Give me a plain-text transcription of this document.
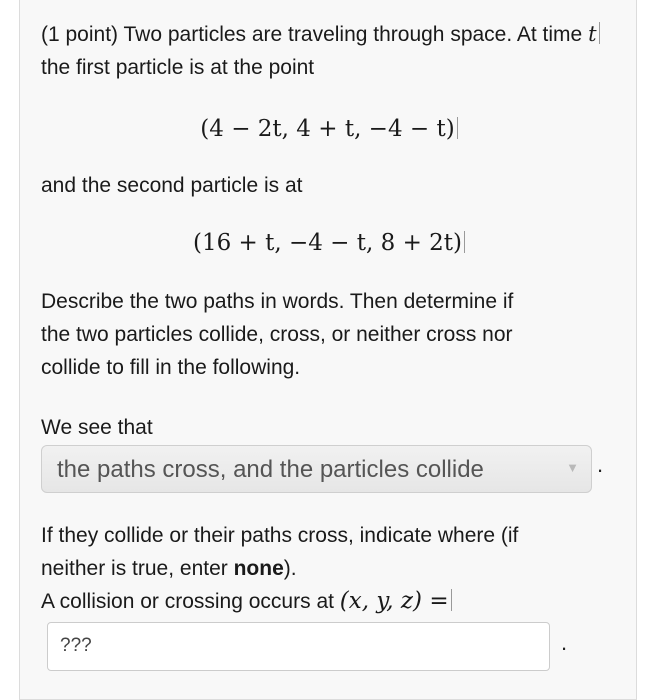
(1 point) Two particles are traveling through space. At time t the first particle is at the point
(4 − 2t, 4 + t, −4 − t)
and the second particle is at
(16 + t, −4 − t, 8 + 2t)
Describe the two paths in words. Then determine if
the two particles collide, cross, or neither cross nor
collide to fill in the following.
We see that
the paths cross, and the particles collide	▼ .
If they collide or their paths cross, indicate where (if
neither is true, enter none).
A collision or crossing occurs at (x, y, z) =
???	.
